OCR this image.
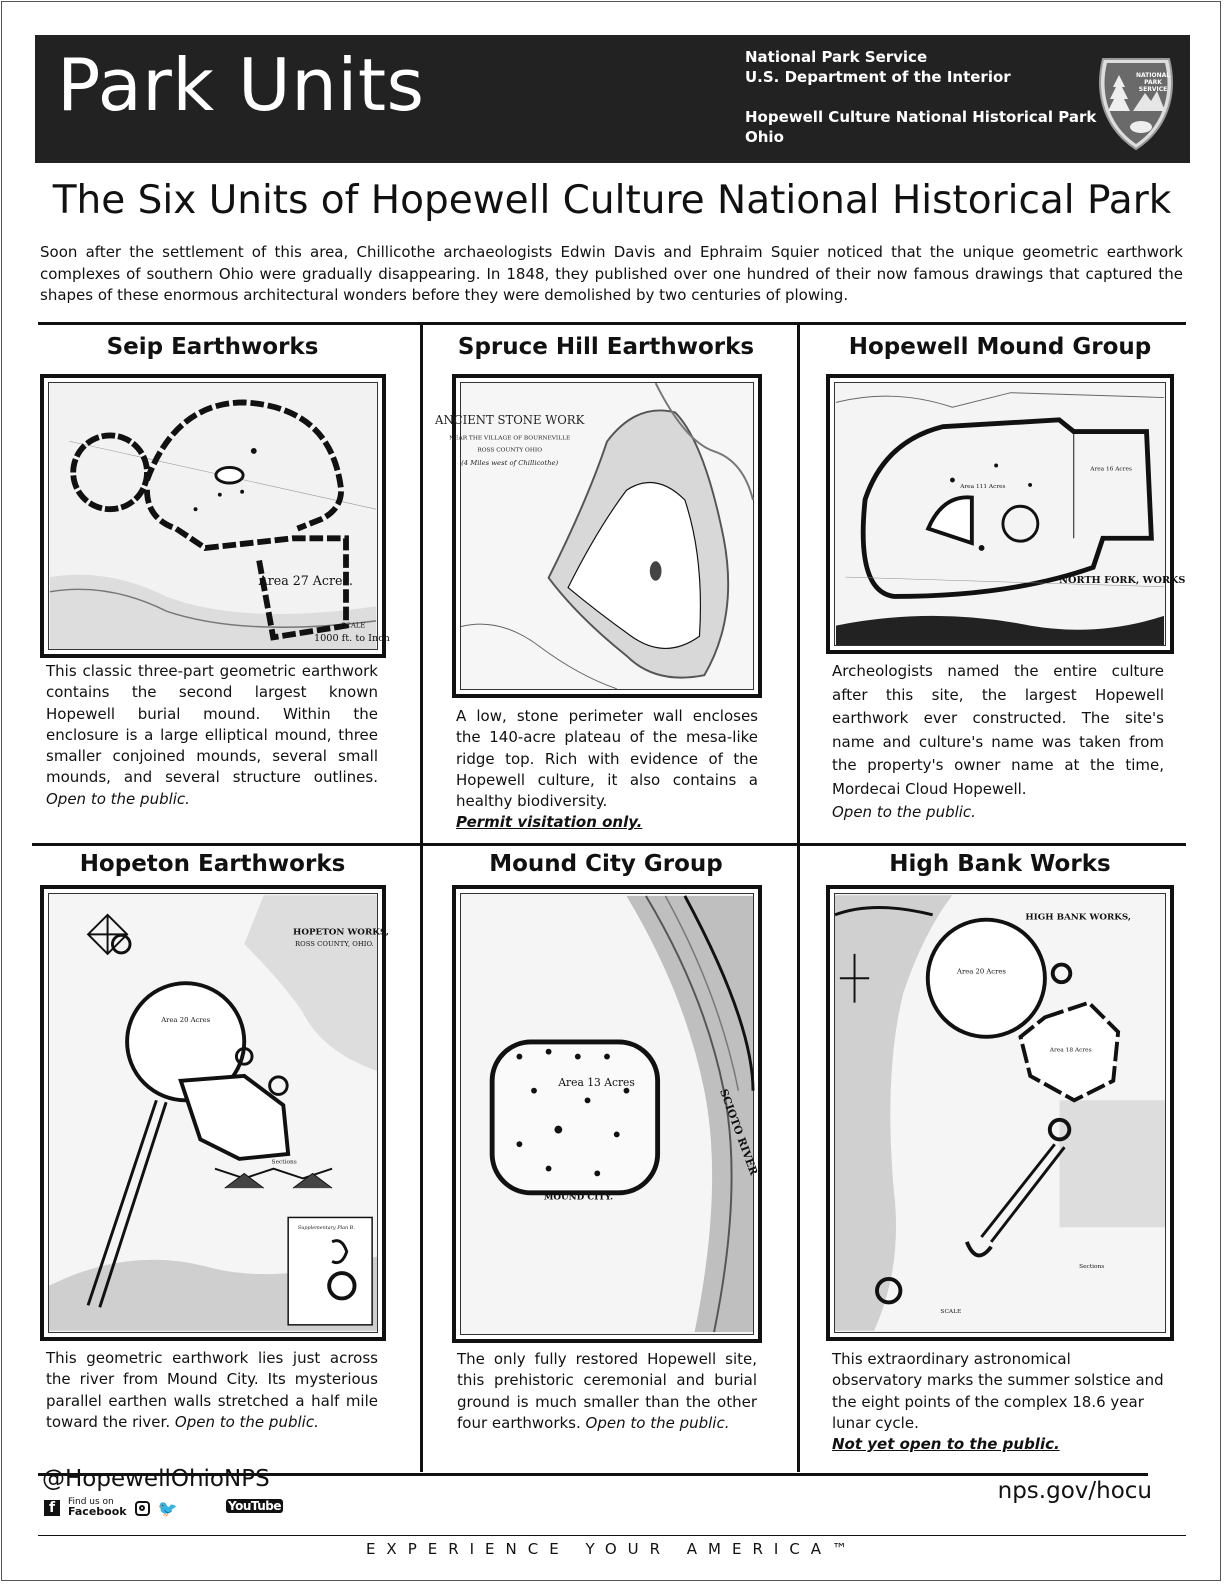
Park Units	National Park Service
U.S. Department of the Interior
Hopewell Culture National Historical Park
Ohio
NATIONAL
PARK
SERVICE
The Six Units of Hopewell Culture National Historical Park
Soon after the settlement of this area, Chillicothe archaeologists Edwin Davis and Ephraim Squier noticed that the unique geometric earthwork complexes of southern Ohio were gradually disappearing. In 1848, they published over one hundred of their now famous drawings that captured the shapes of these enormous architectural wonders before they were demolished by two centuries of plowing.
Seip Earthworks
Area 27 Acres.
SCALE
1000 ft. to Inch
This classic three-part geometric earthwork contains the second largest known Hopewell burial mound. Within the enclosure is a large elliptical mound, three smaller conjoined mounds, several small mounds, and several structure outlines. Open to the public.
Spruce Hill Earthworks
ANCIENT STONE WORK
NEAR THE VILLAGE OF BOURNEVILLE
ROSS COUNTY OHIO
(4 Miles west of Chillicothe)
A low, stone perimeter wall encloses the 140-acre plateau of the mesa-like ridge top. Rich with evidence of the Hopewell culture, it also contains a healthy biodiversity.
Permit visitation only.
Hopewell Mound Group
Area 111 Acres
Area 16 Acres
NORTH FORK, WORKS
Archeologists named the entire culture after this site, the largest Hopewell earthwork ever constructed. The site's name and culture's name was taken from the property's owner name at the time, Mordecai Cloud Hopewell.
Open to the public.
Hopeton Earthworks
HOPETON WORKS,
ROSS COUNTY, OHIO.
Area 20 Acres
Sections
Supplementary Plan B.
This geometric earthwork lies just across the river from Mound City. Its mysterious parallel earthen walls stretched a half mile toward the river. Open to the public.
Mound City Group
Area 13 Acres
MOUND CITY.
SCIOTO RIVER
The only fully restored Hopewell site, this prehistoric ceremonial and burial ground is much smaller than the other four earthworks. Open to the public.
High Bank Works
HIGH BANK WORKS,
Area 20 Acres
Area 18 Acres
Sections
SCALE
This extraordinary astronomical observatory marks the summer solstice and the eight points of the complex 18.6 year lunar cycle.
Not yet open to the public.
@HopewellOhioNPS
f	Find us on
Facebook 🐦	YouTube
nps.gov/hocu
EXPERIENCE YOUR AMERICA™
